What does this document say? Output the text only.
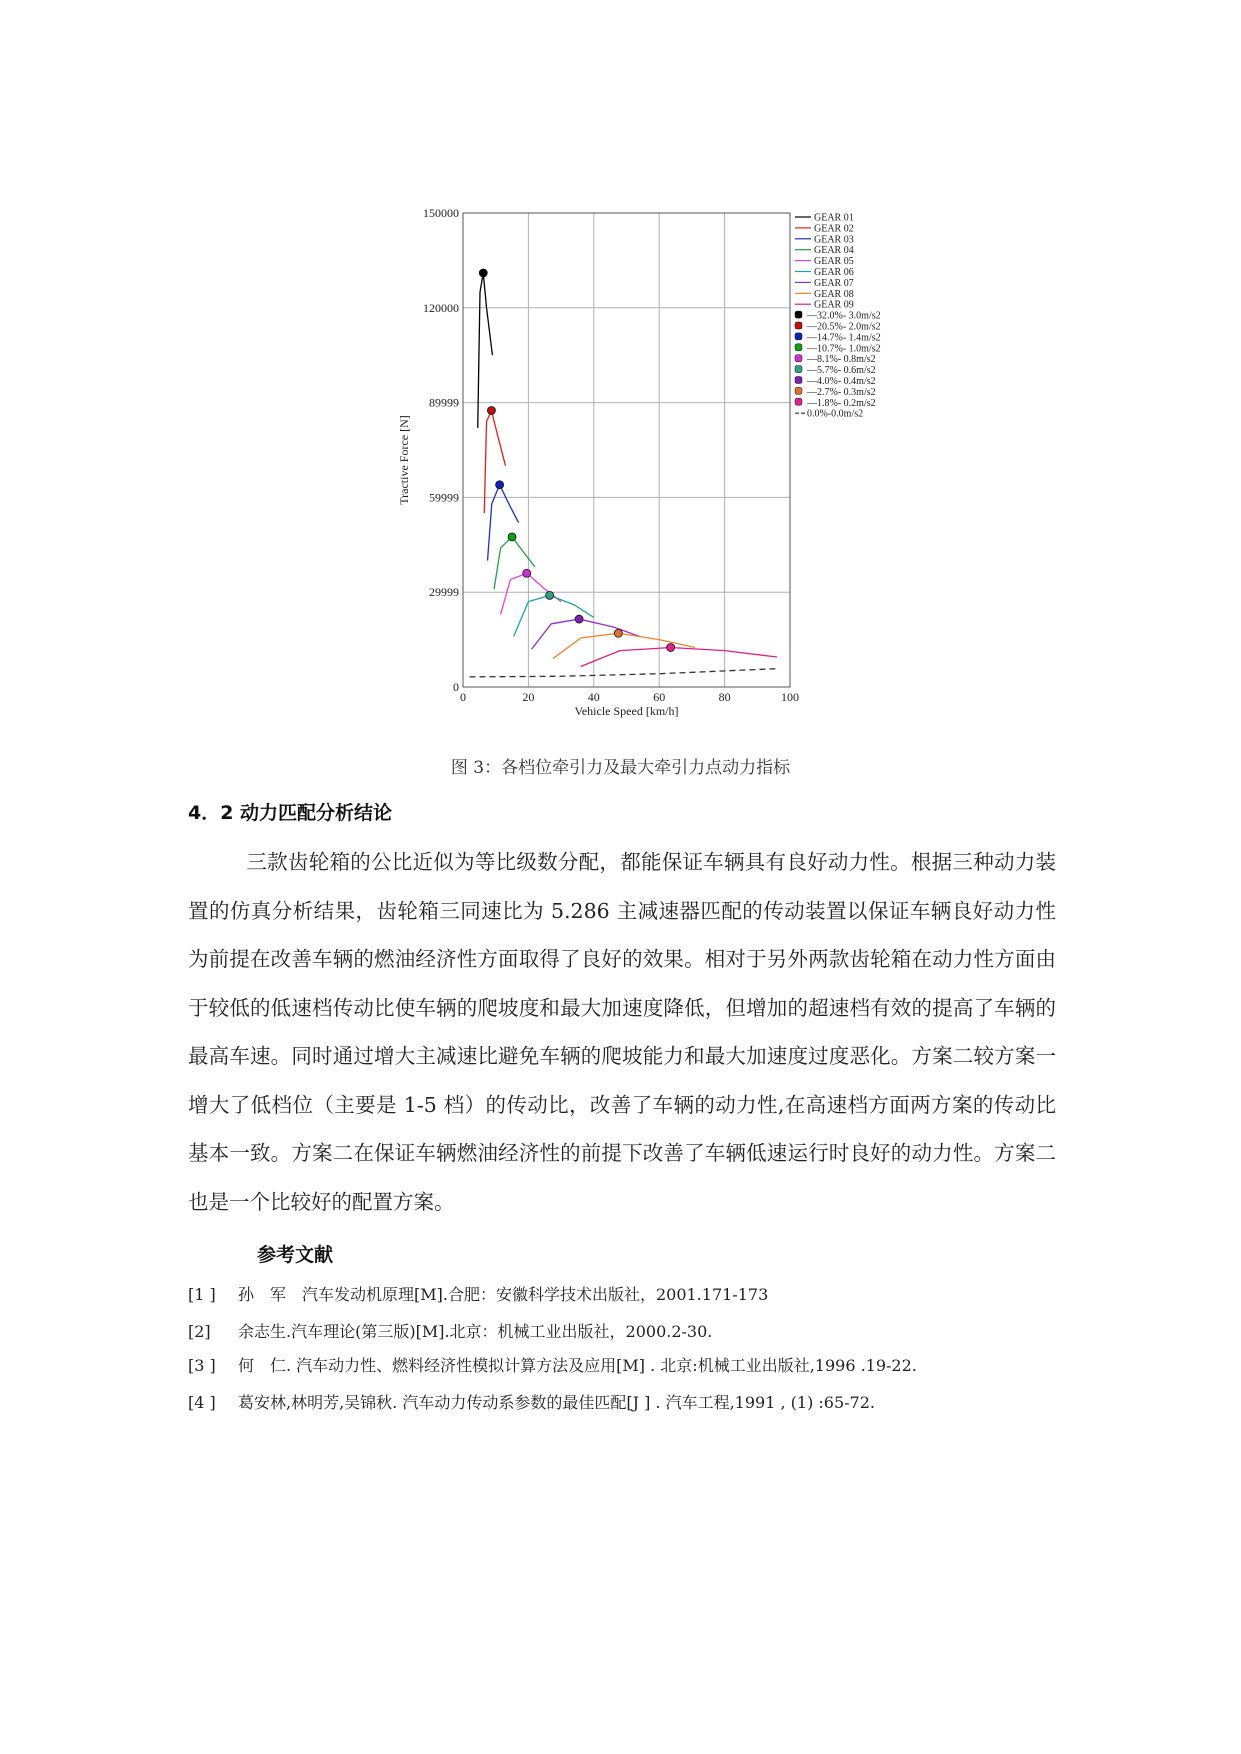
0	20	40	60	80	100
0
29999
59999
89999
120000
150000
Vehicle Speed [km/h]
Tractive Force [N]
GEAR 01
GEAR 02
GEAR 03
GEAR 04
GEAR 05
GEAR 06
GEAR 07
GEAR 08
GEAR 09
—32.0%- 3.0m/s2
—20.5%- 2.0m/s2
—14.7%- 1.4m/s2
—10.7%- 1.0m/s2
—8.1%- 0.8m/s2
—5.7%- 0.6m/s2
—4.0%- 0.4m/s2
—2.7%- 0.3m/s2
—1.8%- 0.2m/s2
0.0%-0.0m/s2
图 3：各档位牵引力及最大牵引力点动力指标
4．2 动力匹配分析结论

三款齿轮箱的公比近似为等比级数分配，都能保证车辆具有良好动力性。根据三种动力装置的仿真分析结果，齿轮箱三同速比为 5.286 主减速器匹配的传动装置以保证车辆良好动力性为前提在改善车辆的燃油经济性方面取得了良好的效果。相对于另外两款齿轮箱在动力性方面由于较低的低速档传动比使车辆的爬坡度和最大加速度降低，但增加的超速档有效的提高了车辆的最高车速。同时通过增大主减速比避免车辆的爬坡能力和最大加速度过度恶化。方案二较方案一增大了低档位（主要是 1-5 档）的传动比，改善了车辆的动力性,在高速档方面两方案的传动比基本一致。方案二在保证车辆燃油经济性的前提下改善了车辆低速运行时良好的动力性。方案二也是一个比较好的配置方案。

参考文献
[1 ] 孙　军　汽车发动机原理[M].合肥：安徽科学技术出版社，2001.171-173
[2] 余志生.汽车理论(第三版)[M].北京：机械工业出版社，2000.2-30.
[3 ] 何　仁. 汽车动力性、燃料经济性模拟计算方法及应用[M] . 北京:机械工业出版社,1996 .19-22.
[4 ] 葛安林,林明芳,吴锦秋. 汽车动力传动系参数的最佳匹配[J ] . 汽车工程,1991 , (1) :65-72.
